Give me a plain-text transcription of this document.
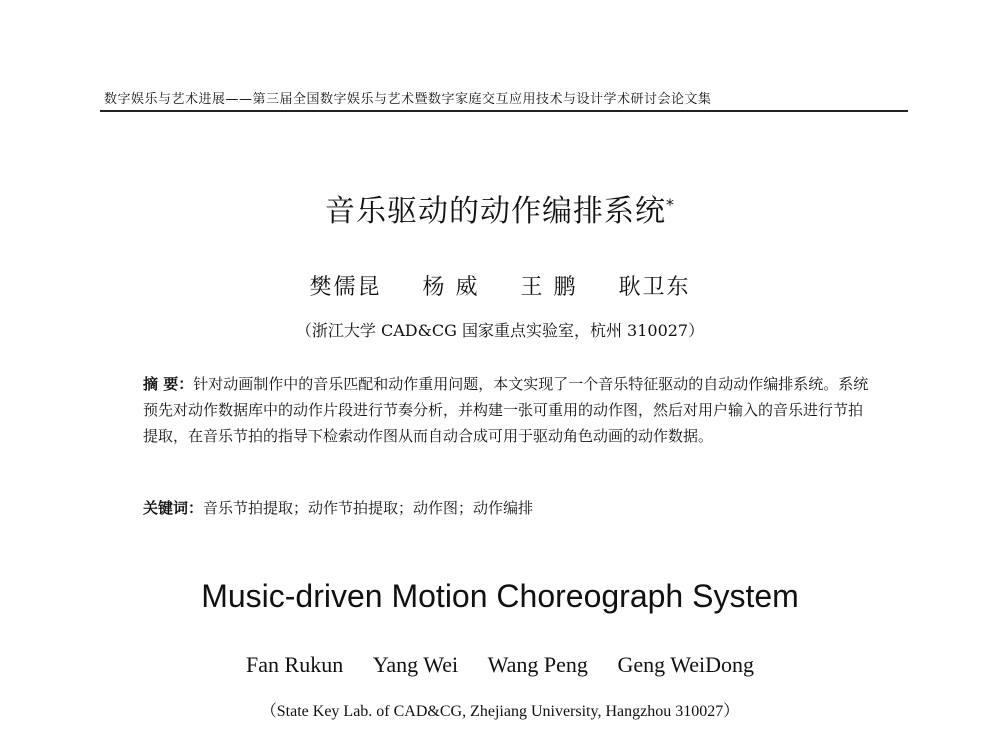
数字娱乐与艺术进展——第三届全国数字娱乐与艺术暨数字家庭交互应用技术与设计学术研讨会论文集
音乐驱动的动作编排系统*
樊儒昆 杨 威 王 鹏 耿卫东
（浙江大学 CAD&CG 国家重点实验室，杭州 310027）
摘 要：针对动画制作中的音乐匹配和动作重用问题，本文实现了一个音乐特征驱动的自动动作编排系统。系统预先对动作数据库中的动作片段进行节奏分析，并构建一张可重用的动作图，然后对用户输入的音乐进行节拍提取，在音乐节拍的指导下检索动作图从而自动合成可用于驱动角色动画的动作数据。
关键词：音乐节拍提取；动作节拍提取；动作图；动作编排
Music-driven Motion Choreograph System
Fan Rukun Yang Wei Wang Peng Geng WeiDong
（State Key Lab. of CAD&CG, Zhejiang University, Hangzhou 310027）
